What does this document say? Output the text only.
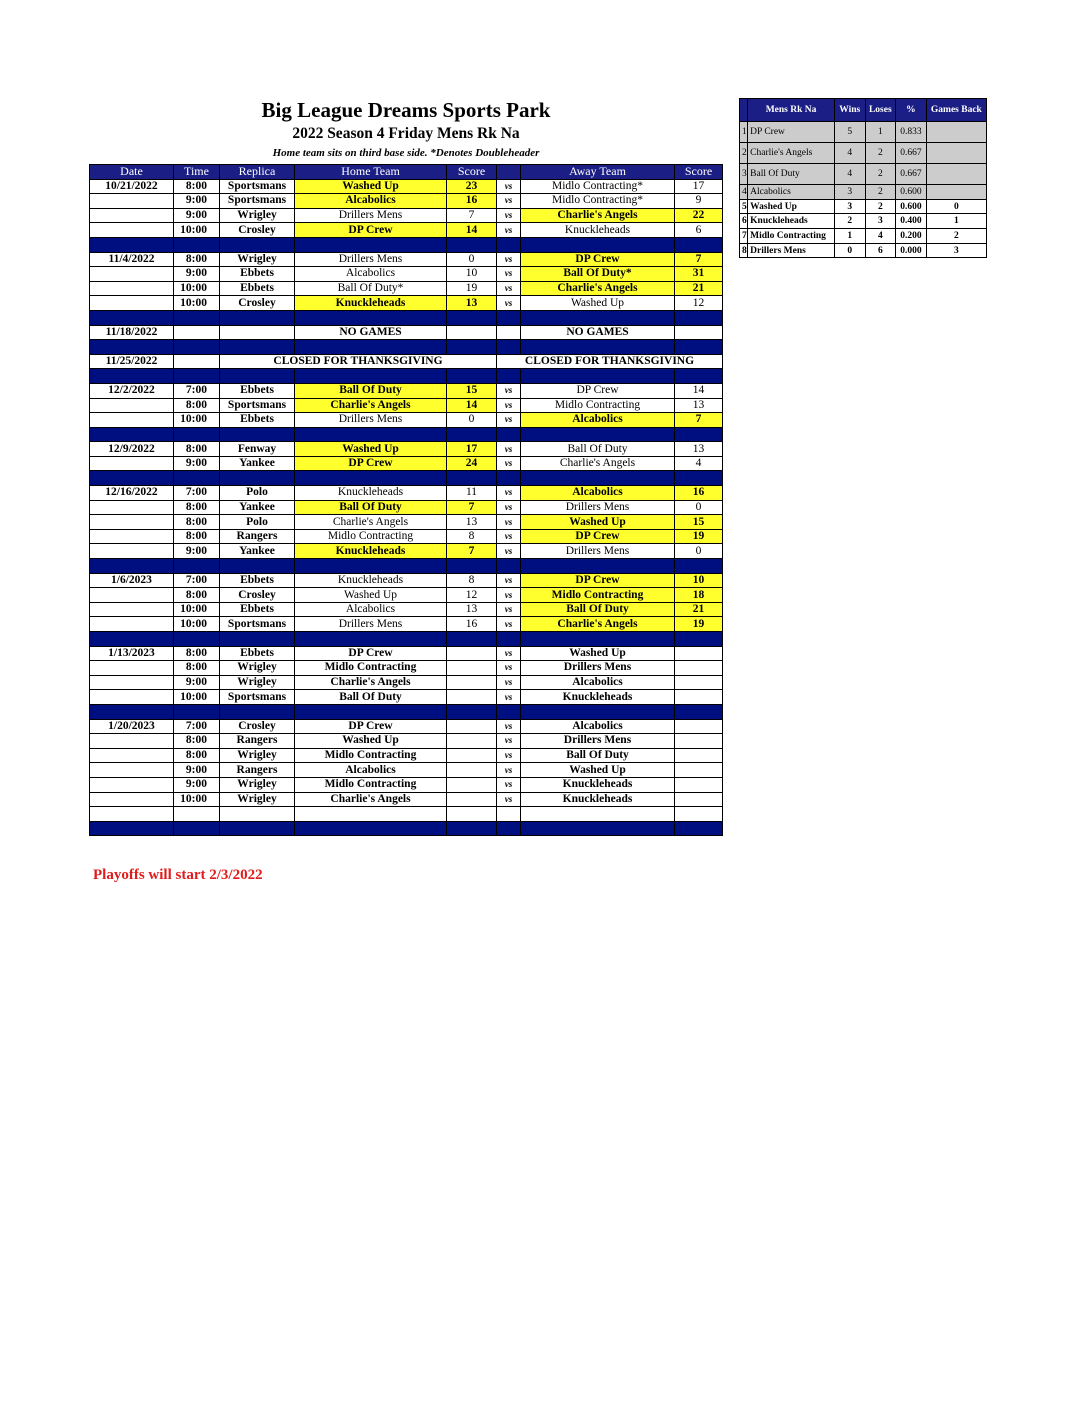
Big League Dreams Sports Park
2022 Season 4 Friday Mens Rk Na
Home team sits on third base side. *Denotes Doubleheader
Date	Time	Replica	Home Team	Score		Away Team	Score
10/21/2022	8:00	Sportsmans	Washed Up	23	vs	Midlo Contracting*	17
	9:00	Sportsmans	Alcabolics	16	vs	Midlo Contracting*	9
	9:00	Wrigley	Drillers Mens	7	vs	Charlie's Angels	22
	10:00	Crosley	DP Crew	14	vs	Knuckleheads	6

11/4/2022	8:00	Wrigley	Drillers Mens	0	vs	DP Crew	7
	9:00	Ebbets	Alcabolics	10	vs	Ball Of Duty*	31
	10:00	Ebbets	Ball Of Duty*	19	vs	Charlie's Angels	21
	10:00	Crosley	Knuckleheads	13	vs	Washed Up	12

11/18/2022			NO GAMES			NO GAMES	

11/25/2022		CLOSED FOR THANKSGIVING			CLOSED FOR THANKSGIVING		

12/2/2022	7:00	Ebbets	Ball Of Duty	15	vs	DP Crew	14
	8:00	Sportsmans	Charlie's Angels	14	vs	Midlo Contracting	13
	10:00	Ebbets	Drillers Mens	0	vs	Alcabolics	7

12/9/2022	8:00	Fenway	Washed Up	17	vs	Ball Of Duty	13
	9:00	Yankee	DP Crew	24	vs	Charlie's Angels	4

12/16/2022	7:00	Polo	Knuckleheads	11	vs	Alcabolics	16
	8:00	Yankee	Ball Of Duty	7	vs	Drillers Mens	0
	8:00	Polo	Charlie's Angels	13	vs	Washed Up	15
	8:00	Rangers	Midlo Contracting	8	vs	DP Crew	19
	9:00	Yankee	Knuckleheads	7	vs	Drillers Mens	0

1/6/2023	7:00	Ebbets	Knuckleheads	8	vs	DP Crew	10
	8:00	Crosley	Washed Up	12	vs	Midlo Contracting	18
	10:00	Ebbets	Alcabolics	13	vs	Ball Of Duty	21
	10:00	Sportsmans	Drillers Mens	16	vs	Charlie's Angels	19

1/13/2023	8:00	Ebbets	DP Crew		vs	Washed Up	
	8:00	Wrigley	Midlo Contracting		vs	Drillers Mens	
	9:00	Wrigley	Charlie's Angels		vs	Alcabolics	
	10:00	Sportsmans	Ball Of Duty		vs	Knuckleheads	

1/20/2023	7:00	Crosley	DP Crew		vs	Alcabolics	
	8:00	Rangers	Washed Up		vs	Drillers Mens	
	8:00	Wrigley	Midlo Contracting		vs	Ball Of Duty	
	9:00	Rangers	Alcabolics		vs	Washed Up	
	9:00	Wrigley	Midlo Contracting		vs	Knuckleheads	
	10:00	Wrigley	Charlie's Angels		vs	Knuckleheads	

Playoffs will start 2/3/2022
	Mens Rk Na	Wins	Loses	%	Games Back
1	DP Crew	5	1	0.833	
2	Charlie's Angels	4	2	0.667	
3	Ball Of Duty	4	2	0.667	
4	Alcabolics	3	2	0.600	
5	Washed Up	3	2	0.600	0
6	Knuckleheads	2	3	0.400	1
7	Midlo Contracting	1	4	0.200	2
8	Drillers Mens	0	6	0.000	3
